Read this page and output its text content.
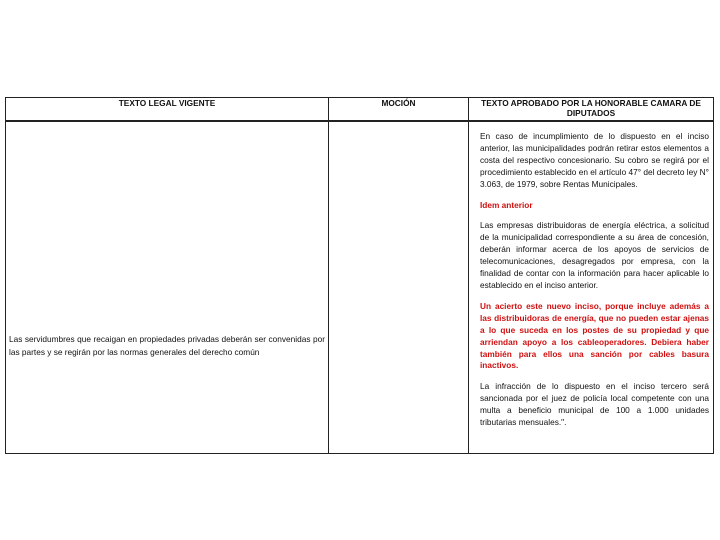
TEXTO LEGAL VIGENTE	MOCIÓN	TEXTO APROBADO POR LA HONORABLE CAMARA DE DIPUTADOS

Las servidumbres que recaigan en propiedades privadas deberán ser convenidas por las partes y se regirán por las normas generales del derecho común		En caso de incumplimiento de lo dispuesto en el inciso anterior, las municipalidades podrán retirar estos elementos a costa del respectivo concesionario. Su cobro se regirá por el procedimiento establecido en el artículo 47° del decreto ley N° 3.063, de 1979, sobre Rentas Municipales.
Idem anterior
Las empresas distribuidoras de energía eléctrica, a solicitud de la municipalidad correspondiente a su área de concesión, deberán informar acerca de los apoyos de servicios de telecomunicaciones, desagregados por empresa, con la finalidad de contar con la información para hacer aplicable lo establecido en el inciso anterior.
Un acierto este nuevo inciso, porque incluye además a las distribuidoras de energía, que no pueden estar ajenas a lo que suceda en los postes de su propiedad y que arriendan apoyo a los cableoperadores. Debiera haber también para ellos una sanción por cables basura inactivos.
La infracción de lo dispuesto en el inciso tercero será sancionada por el juez de policía local competente con una multa a beneficio municipal de 100 a 1.000 unidades tributarias mensuales.".
